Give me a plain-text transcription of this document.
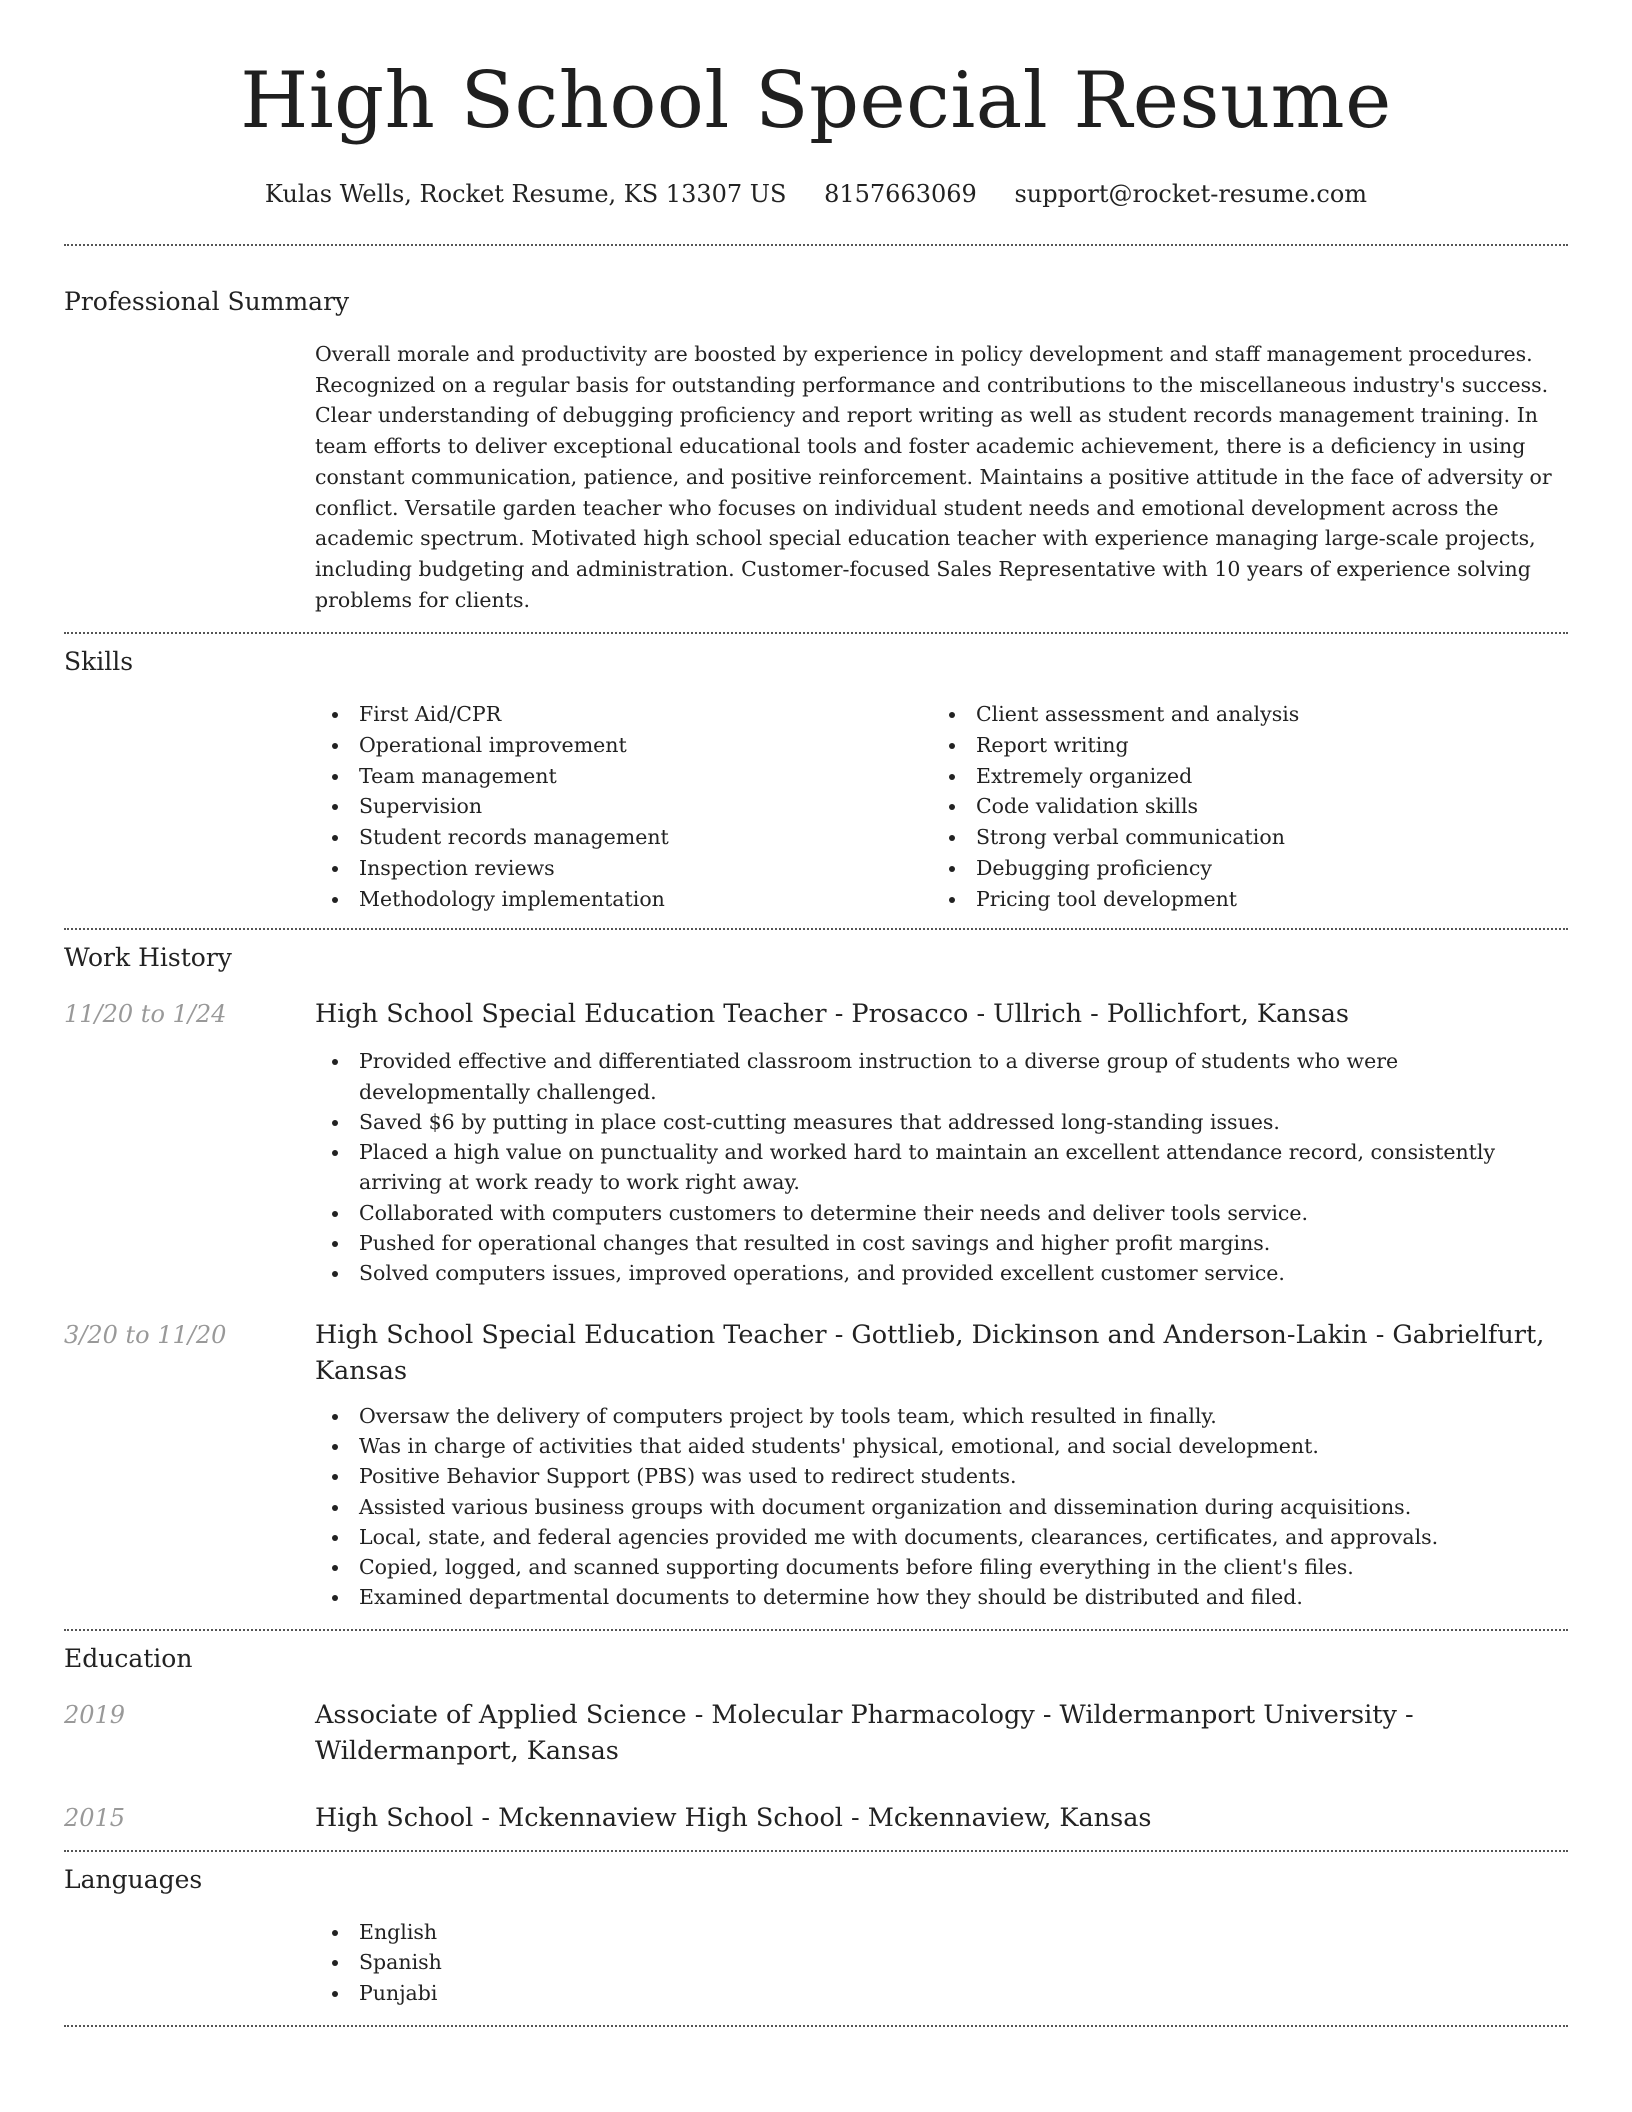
High School Special Resume
Kulas Wells, Rocket Resume, KS 13307 US 8157663069 support@rocket-resume.com
Professional Summary

Overall morale and productivity are boosted by experience in policy development and staff management procedures. Recognized on a regular basis for outstanding performance and contributions to the miscellaneous industry's success. Clear understanding of debugging proficiency and report writing as well as student records management training. In team efforts to deliver exceptional educational tools and foster academic achievement, there is a deficiency in using constant communication, patience, and positive reinforcement. Maintains a positive attitude in the face of adversity or conflict. Versatile garden teacher who focuses on individual student needs and emotional development across the academic spectrum. Motivated high school special education teacher with experience managing large-scale projects, including budgeting and administration. Customer-focused Sales Representative with 10 years of experience solving problems for clients.

Skills
First Aid/CPR
Operational improvement
Team management
Supervision
Student records management
Inspection reviews
Methodology implementation
Client assessment and analysis
Report writing
Extremely organized
Code validation skills
Strong verbal communication
Debugging proficiency
Pricing tool development
Work History
11/20 to 1/24	High School Special Education Teacher - Prosacco - Ullrich - Pollichfort, Kansas
Provided effective and differentiated classroom instruction to a diverse group of students who were developmentally challenged.
Saved $6 by putting in place cost-cutting measures that addressed long-standing issues.
Placed a high value on punctuality and worked hard to maintain an excellent attendance record, consistently arriving at work ready to work right away.
Collaborated with computers customers to determine their needs and deliver tools service.
Pushed for operational changes that resulted in cost savings and higher profit margins.
Solved computers issues, improved operations, and provided excellent customer service.
3/20 to 11/20	High School Special Education Teacher - Gottlieb, Dickinson and Anderson-Lakin - Gabrielfurt, Kansas
Oversaw the delivery of computers project by tools team, which resulted in finally.
Was in charge of activities that aided students' physical, emotional, and social development.
Positive Behavior Support (PBS) was used to redirect students.
Assisted various business groups with document organization and dissemination during acquisitions.
Local, state, and federal agencies provided me with documents, clearances, certificates, and approvals.
Copied, logged, and scanned supporting documents before filing everything in the client's files.
Examined departmental documents to determine how they should be distributed and filed.
Education
2019	Associate of Applied Science - Molecular Pharmacology - Wildermanport University - Wildermanport, Kansas
2015	High School - Mckennaview High School - Mckennaview, Kansas
Languages
English
Spanish
Punjabi
